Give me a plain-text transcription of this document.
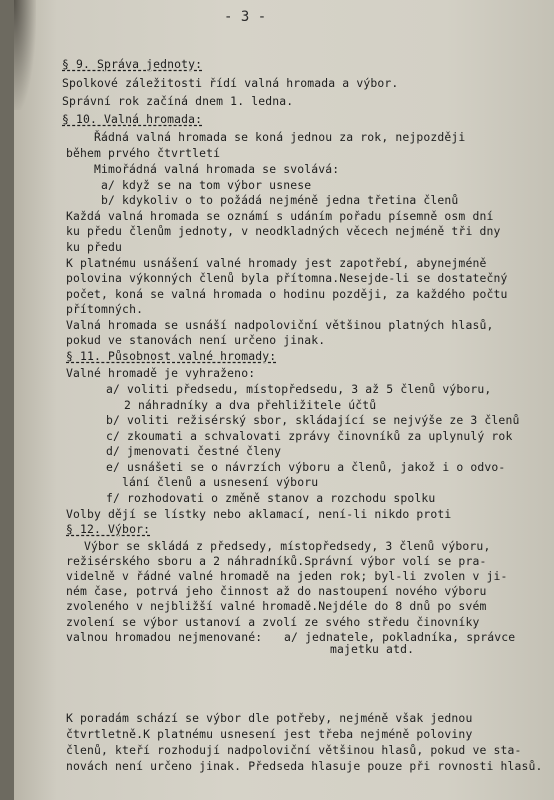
- 3 -
§ 9. Správa jednoty:
Spolkové záležitosti řídí valná hromada a výbor.
Správní rok začíná dnem 1. ledna.
§ 10. Valná hromada:
Řádná valná hromada se koná jednou za rok, nejpozději
během prvého čtvrtletí
Mimořádná valná hromada se svolává:
a/ když se na tom výbor usnese
b/ kdykoliv o to požádá nejméně jedna třetina členů
Každá valná hromada se oznámí s udáním pořadu písemně osm dní
ku předu členům jednoty, v neodkladných věcech nejméně tři dny
ku předu
K platnému usnášení valné hromady jest zapotřebí, abynejméně
polovina výkonných členů byla přítomna.Nesejde-li se dostatečný
počet, koná se valná hromada o hodinu později, za každého počtu
přítomných.
Valná hromada se usnáší nadpoloviční většinou platných hlasů,
pokud ve stanovách není určeno jinak.
§ 11. Působnost valné hromady:
Valné hromadě je vyhraženo:
a/ voliti předsedu, místopředsedu, 3 až 5 členů výboru,
2 náhradníky a dva přehližitele účtů
b/ voliti režisérský sbor, skládající se nejvýše ze 3 členů
c/ zkoumati a schvalovati zprávy činovníků za uplynulý rok
d/ jmenovati čestné členy
e/ usnášeti se o návrzích výboru a členů, jakož i o odvo-
lání členů a usnesení výboru
f/ rozhodovati o změně stanov a rozchodu spolku
Volby dějí se lístky nebo aklamací, není-li nikdo proti
§ 12. Výbor:
Výbor se skládá z předsedy, místopředsedy, 3 členů výboru,
režisérského sboru a 2 náhradníků.Správní výbor volí se pra-
videlně v řádné valné hromadě na jeden rok; byl-li zvolen v ji-
ném čase, potrvá jeho činnost až do nastoupení nového výboru
zvoleného v nejbližší valné hromadě.Nejdéle do 8 dnů po svém
zvolení se výbor ustanoví a zvolí ze svého středu činovníky
valnou hromadou nejmenované: a/ jednatele, pokladníka, správce
majetku atd.
K poradám schází se výbor dle potřeby, nejméně však jednou
čtvrtletně.K platnému usnesení jest třeba nejméně poloviny
členů, kteří rozhodují nadpoloviční většinou hlasů, pokud ve sta-
novách není určeno jinak. Předseda hlasuje pouze při rovnosti hlasů.
